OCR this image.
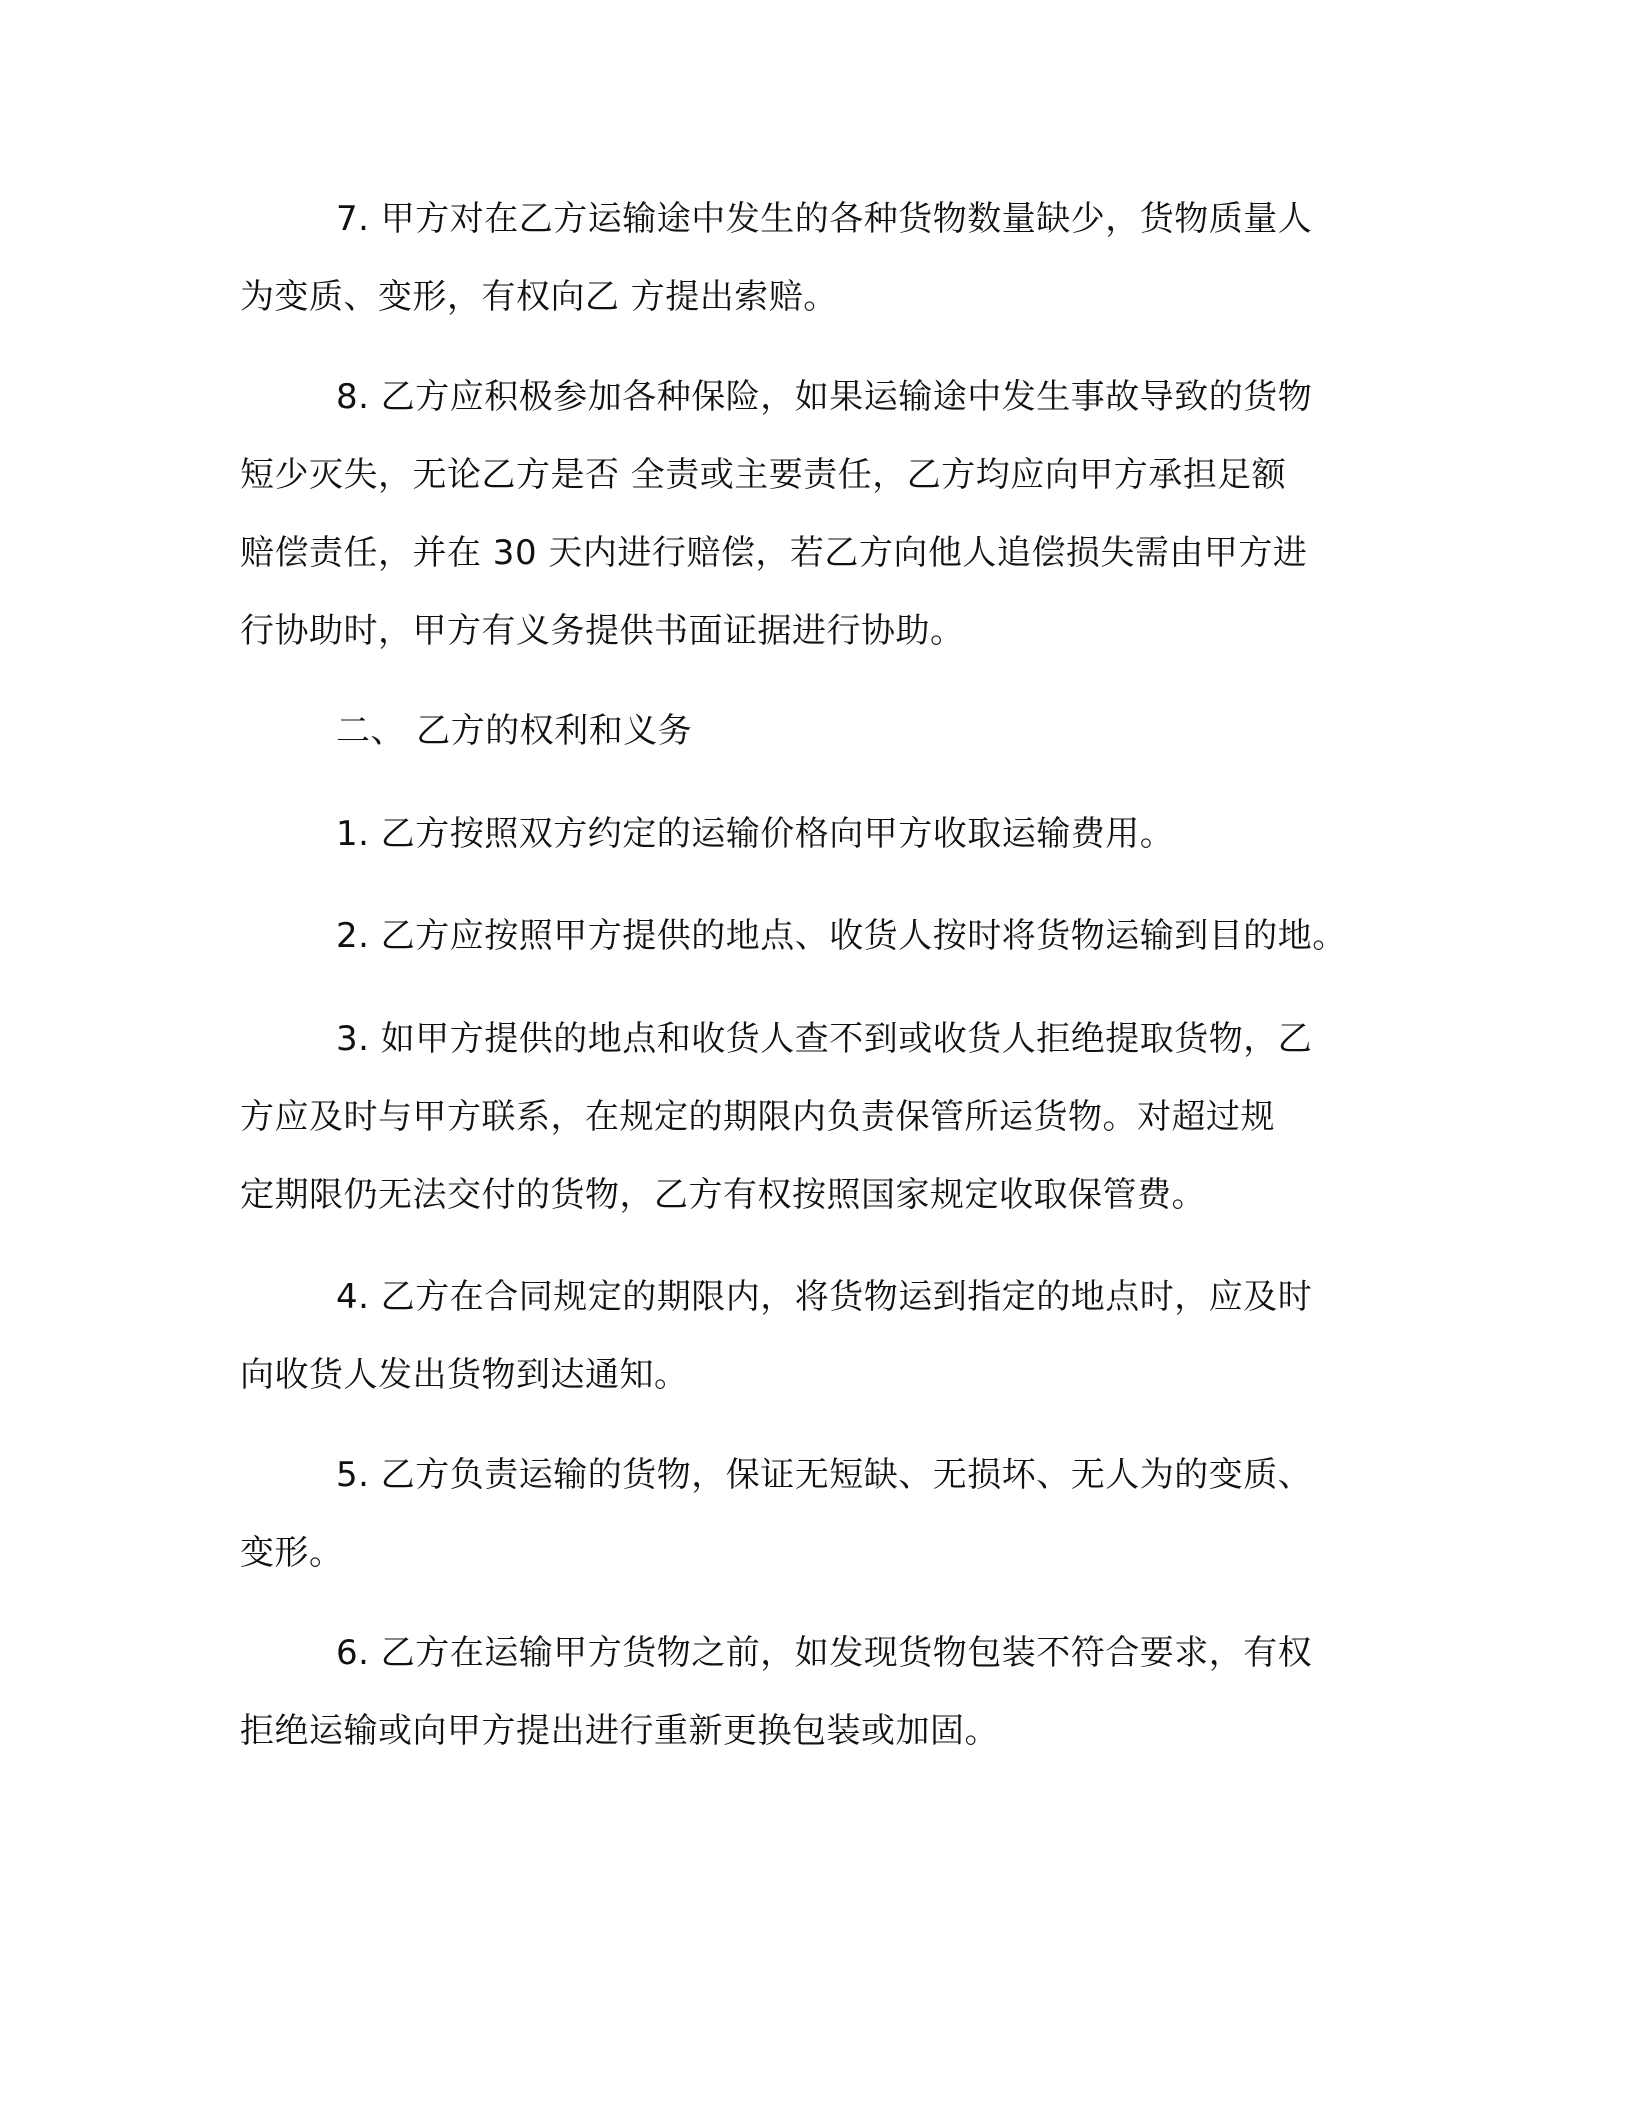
7. 甲方对在乙方运输途中发生的各种货物数量缺少，货物质量人
为变质、变形，有权向乙 方提出索赔。
8. 乙方应积极参加各种保险，如果运输途中发生事故导致的货物
短少灭失，无论乙方是否 全责或主要责任，乙方均应向甲方承担足额
赔偿责任，并在 30 天内进行赔偿，若乙方向他人追偿损失需由甲方进
行协助时，甲方有义务提供书面证据进行协助。
二、 乙方的权利和义务
1. 乙方按照双方约定的运输价格向甲方收取运输费用。
2. 乙方应按照甲方提供的地点、收货人按时将货物运输到目的地。
3. 如甲方提供的地点和收货人查不到或收货人拒绝提取货物，乙
方应及时与甲方联系，在规定的期限内负责保管所运货物。对超过规
定期限仍无法交付的货物，乙方有权按照国家规定收取保管费。
4. 乙方在合同规定的期限内，将货物运到指定的地点时，应及时
向收货人发出货物到达通知。
5. 乙方负责运输的货物，保证无短缺、无损坏、无人为的变质、
变形。
6. 乙方在运输甲方货物之前，如发现货物包装不符合要求，有权
拒绝运输或向甲方提出进行重新更换包装或加固。
